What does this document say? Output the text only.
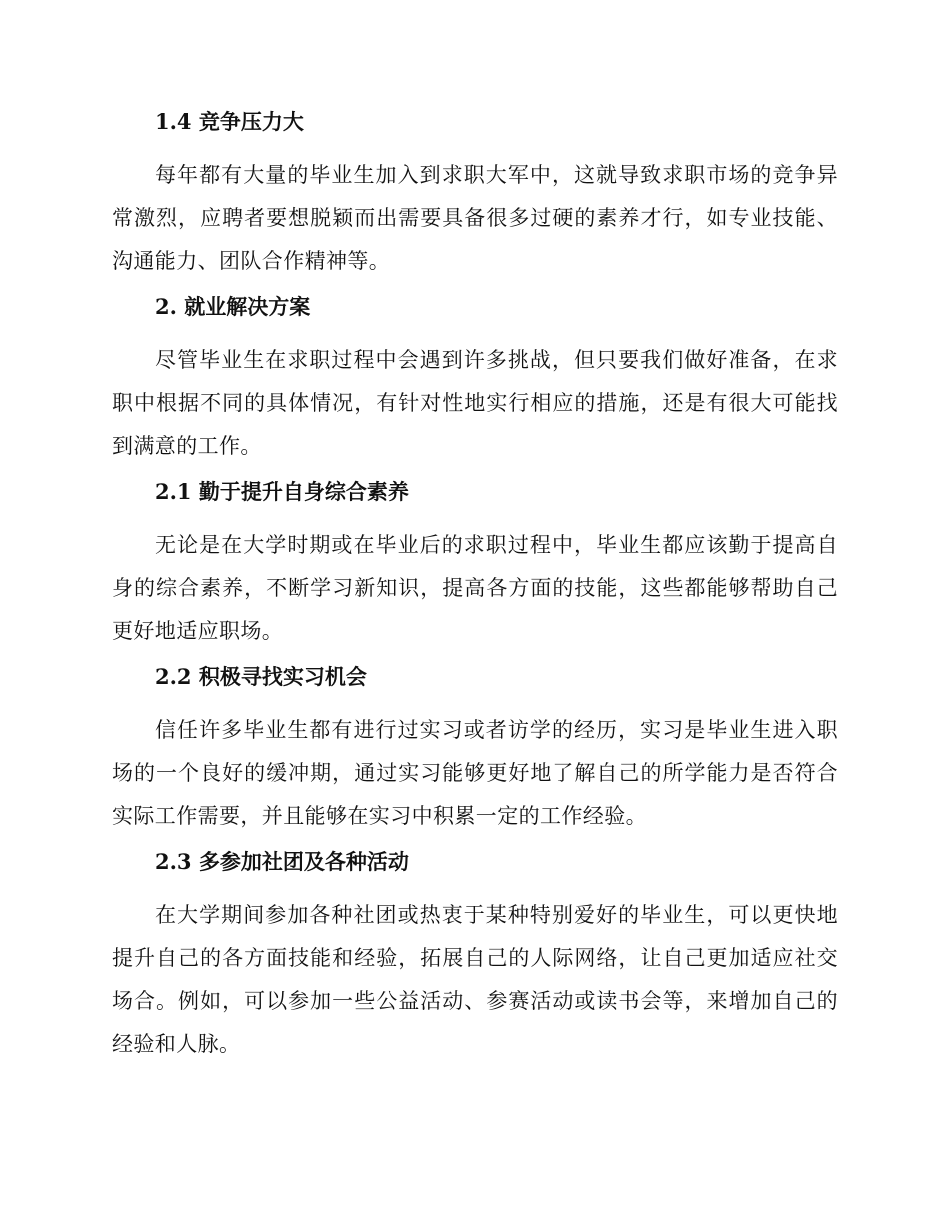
1.4 竞争压力大

每年都有大量的毕业生加入到求职大军中，这就导致求职市场的竞争异常激烈，应聘者要想脱颖而出需要具备很多过硬的素养才行，如专业技能、沟通能力、团队合作精神等。

2. 就业解决方案

尽管毕业生在求职过程中会遇到许多挑战，但只要我们做好准备，在求职中根据不同的具体情况，有针对性地实行相应的措施，还是有很大可能找到满意的工作。

2.1 勤于提升自身综合素养

无论是在大学时期或在毕业后的求职过程中，毕业生都应该勤于提高自身的综合素养，不断学习新知识，提高各方面的技能，这些都能够帮助自己更好地适应职场。

2.2 积极寻找实习机会

信任许多毕业生都有进行过实习或者访学的经历，实习是毕业生进入职场的一个良好的缓冲期，通过实习能够更好地了解自己的所学能力是否符合实际工作需要，并且能够在实习中积累一定的工作经验。

2.3 多参加社团及各种活动

在大学期间参加各种社团或热衷于某种特别爱好的毕业生，可以更快地提升自己的各方面技能和经验，拓展自己的人际网络，让自己更加适应社交场合。例如，可以参加一些公益活动、参赛活动或读书会等，来增加自己的经验和人脉。
